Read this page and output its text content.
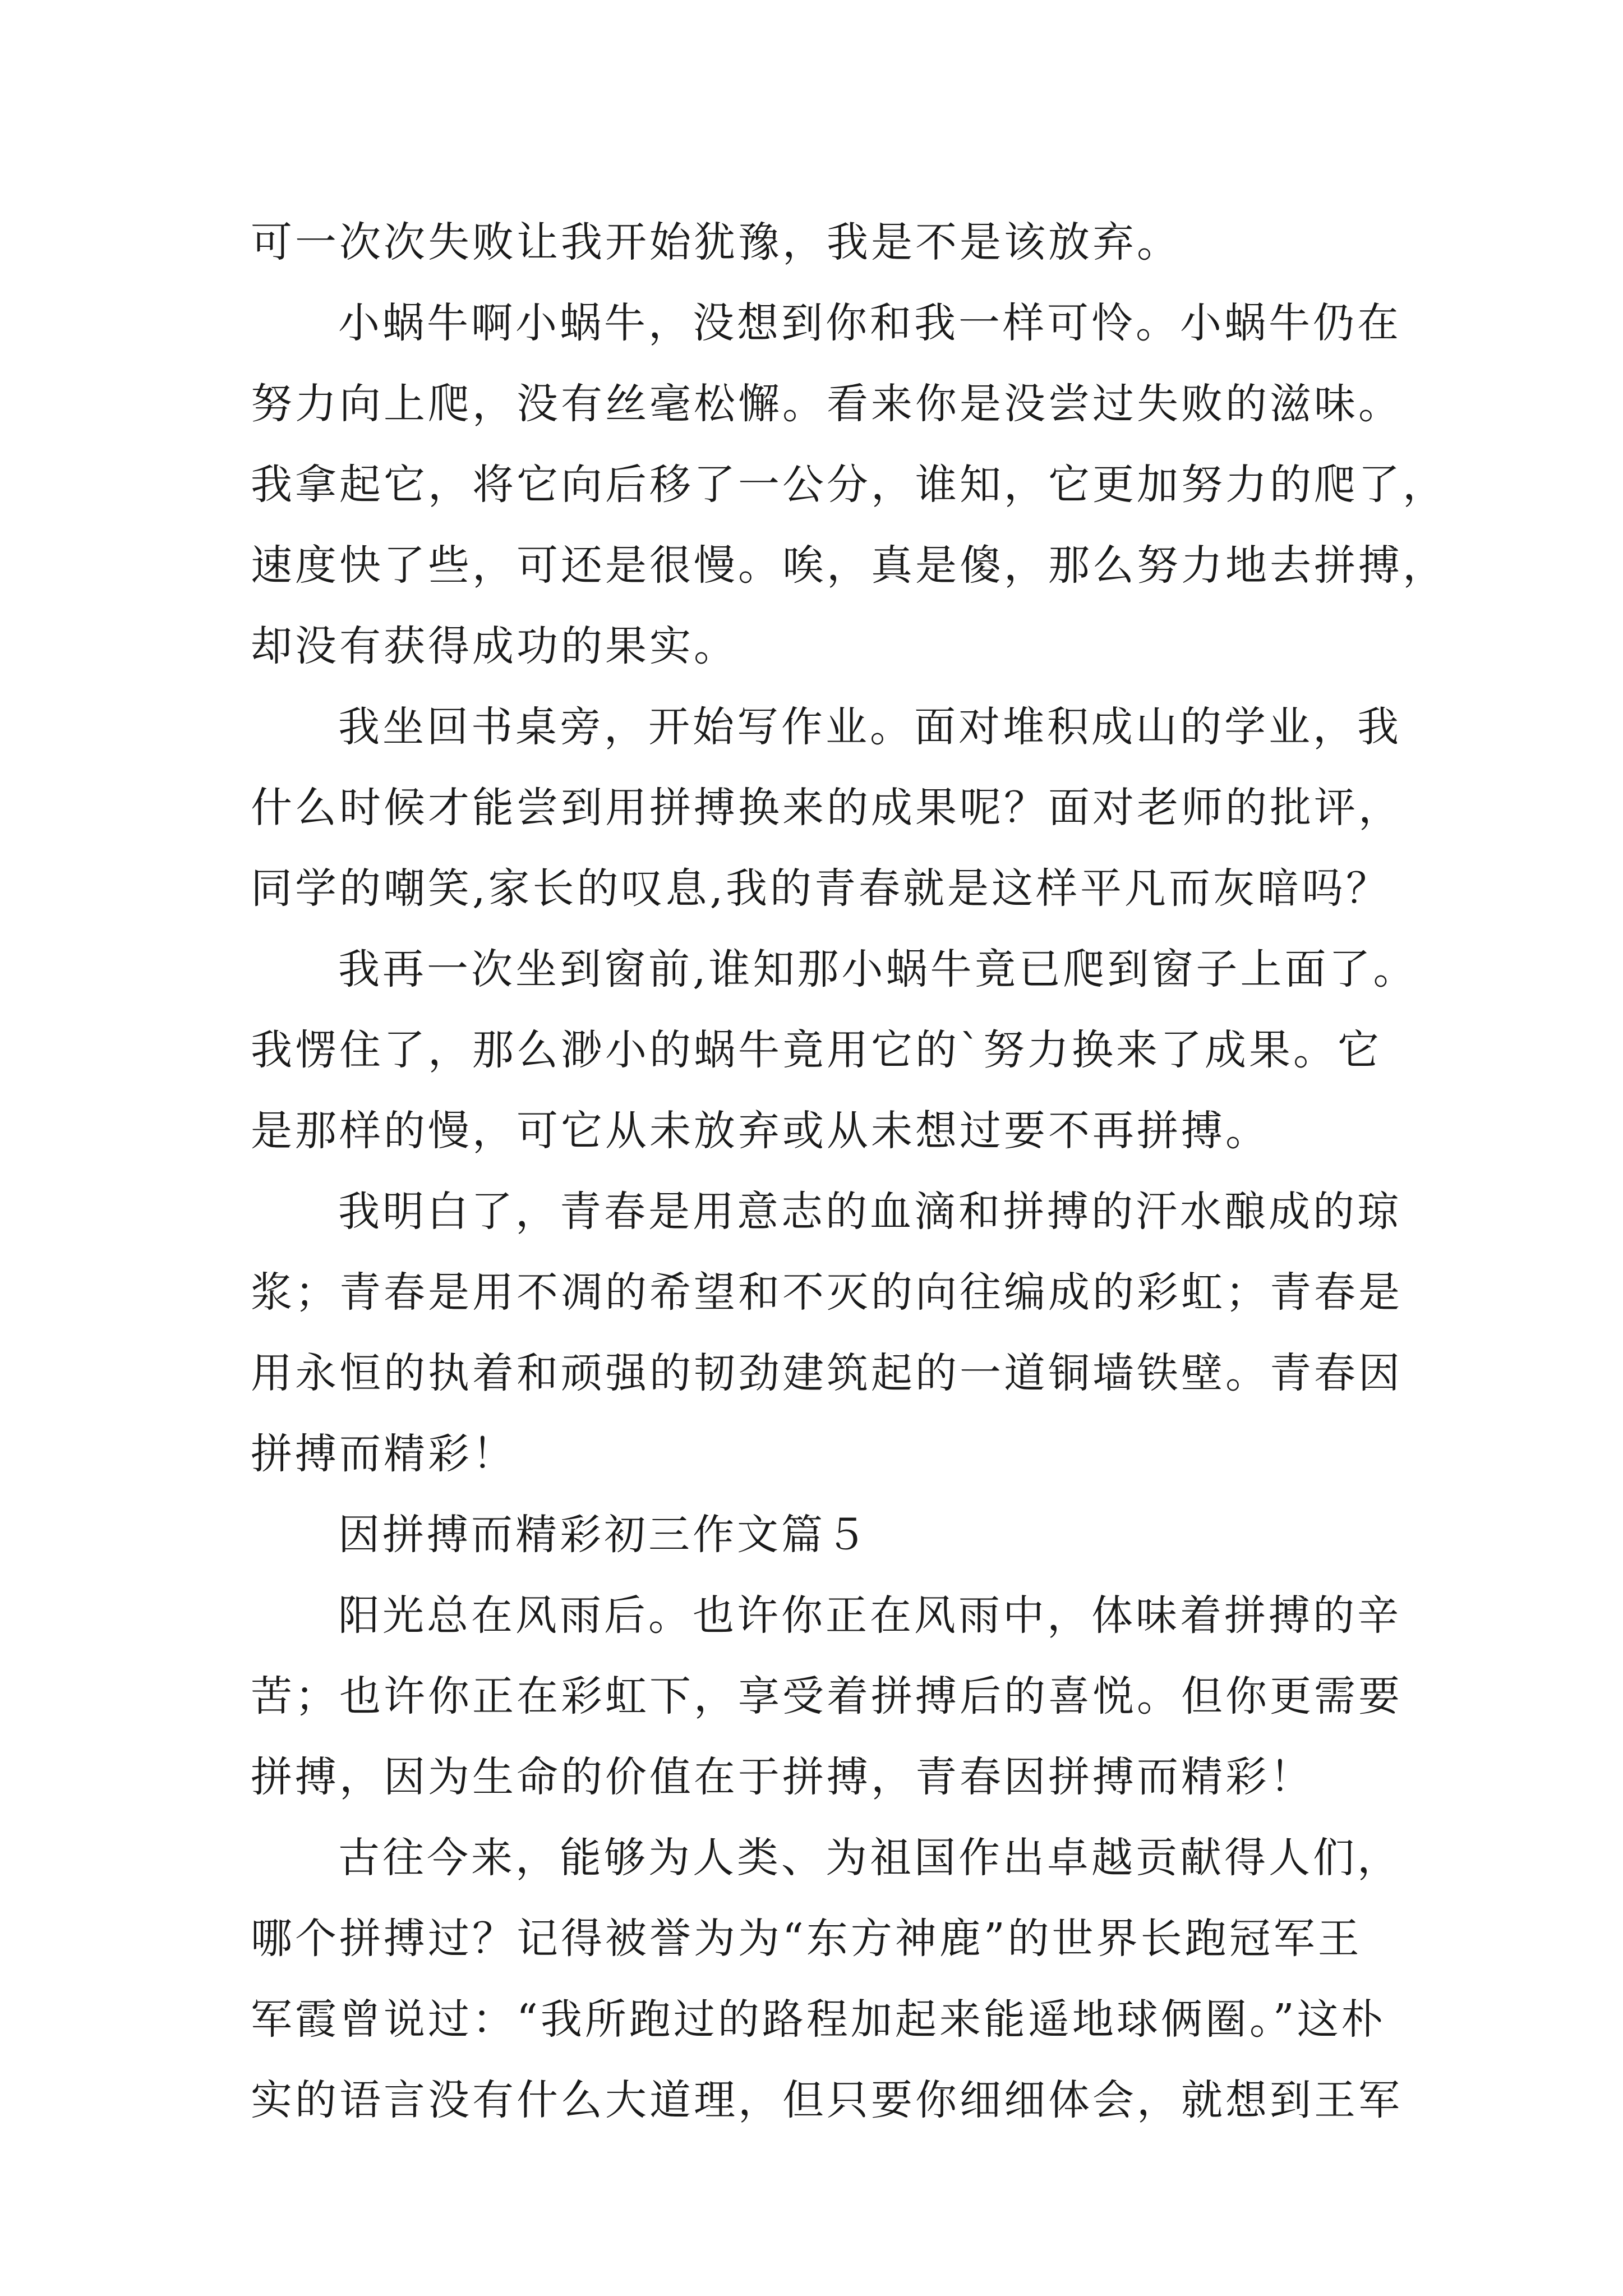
可一次次失败让我开始犹豫，我是不是该放弃。
小蜗牛啊小蜗牛，没想到你和我一样可怜。小蜗牛仍在
努力向上爬，没有丝毫松懈。看来你是没尝过失败的滋味。
我拿起它，将它向后移了一公分，谁知，它更加努力的爬了，
速度快了些，可还是很慢。唉，真是傻，那么努力地去拼搏，
却没有获得成功的果实。
我坐回书桌旁，开始写作业。面对堆积成山的学业，我
什么时候才能尝到用拼搏换来的成果呢？面对老师的批评，
同学的嘲笑,家长的叹息,我的青春就是这样平凡而灰暗吗？
我再一次坐到窗前,谁知那小蜗牛竟已爬到窗子上面了。
我愣住了，那么渺小的蜗牛竟用它的`努力换来了成果。它
是那样的慢，可它从未放弃或从未想过要不再拼搏。
我明白了，青春是用意志的血滴和拼搏的汗水酿成的琼
浆；青春是用不凋的希望和不灭的向往编成的彩虹；青春是
用永恒的执着和顽强的韧劲建筑起的一道铜墙铁壁。青春因
拼搏而精彩！
因拼搏而精彩初三作文篇５
阳光总在风雨后。也许你正在风雨中，体味着拼搏的辛
苦；也许你正在彩虹下，享受着拼搏后的喜悦。但你更需要
拼搏，因为生命的价值在于拼搏，青春因拼搏而精彩！
古往今来，能够为人类、为祖国作出卓越贡献得人们，
哪个拼搏过？记得被誉为为“东方神鹿”的世界长跑冠军王
军霞曾说过：“我所跑过的路程加起来能遥地球俩圈。”这朴
实的语言没有什么大道理，但只要你细细体会，就想到王军
